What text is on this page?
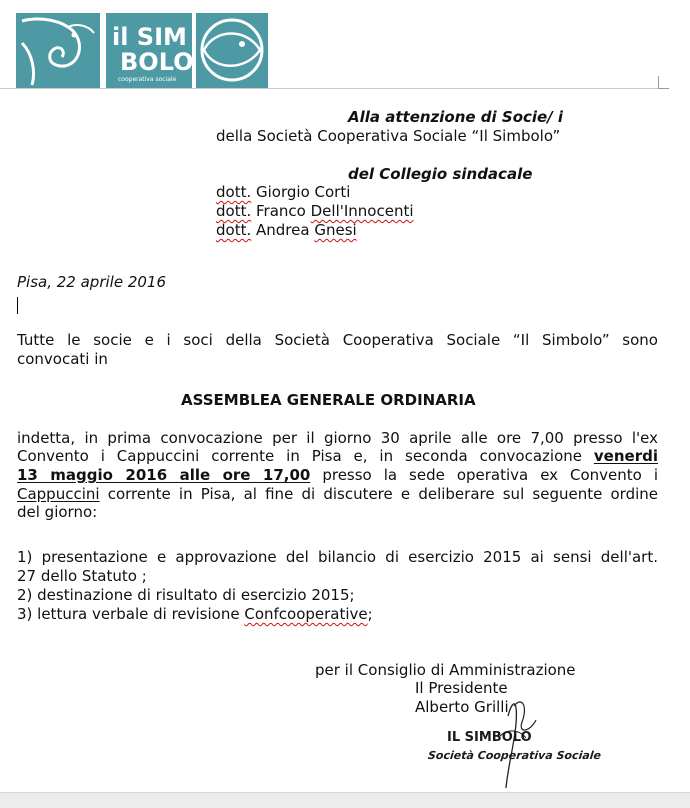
il SIM
BOLO
cooperativa sociale
Alla attenzione di Socie/ i
della Società Cooperativa Sociale “Il Simbolo”
del Collegio sindacale
dott. Giorgio Corti
dott. Franco Dell'Innocenti
dott. Andrea Gnesi
Pisa, 22 aprile 2016
Tutte le socie e i soci della Società Cooperativa Sociale “Il Simbolo” sono
convocati in
ASSEMBLEA GENERALE ORDINARIA
indetta, in prima convocazione per il giorno 30 aprile alle ore 7,00 presso l'ex
Convento i Cappuccini corrente in Pisa e, in seconda convocazione venerdi
13 maggio 2016 alle ore 17,00 presso la sede operativa ex Convento i
Cappuccini corrente in Pisa, al fine di discutere e deliberare sul seguente ordine
del giorno:
1) presentazione e approvazione del bilancio di esercizio 2015 ai sensi dell'art.
27 dello Statuto ;
2) destinazione di risultato di esercizio 2015;
3) lettura verbale di revisione Confcooperative;
per il Consiglio di Amministrazione
Il Presidente
Alberto Grilli
IL SIMBOLO
Società Cooperativa Sociale
